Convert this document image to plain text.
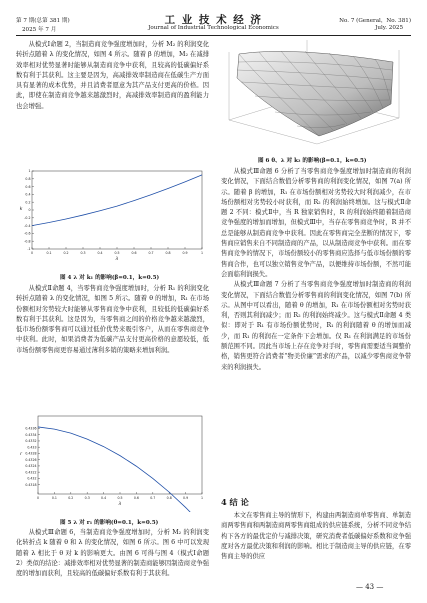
第 7 期(总第 381 期)
2025 年 7 月
工 业 技 术 经 济
Journal of Industrial Technological Economics
No. 7 (General，No. 381)
July. 2025

从模式Ⅰ命题 2，当制造商竞争强度增加时，分析 M₂ 的利润变化转折点随着 λ 的变化情况，如图 4 所示。随着 β 的增加，M₂ 在减排效率相对优势显著时能够从制造商竞争中获利，且较高的低碳偏好系数有利于其获利。这主要是因为，高减排效率制造商在低碳生产方面具有显著的成本优势，并且消费者愿意为其产品支付更高的价格。因此，即使在制造商竞争越来越激烈时，高减排效率制造商的盈利能力也会增强。

0	0.1	0.2	0.3	0.4	0.5	0.6	0.7	0.8	0.9	1
1
0.8
0.6
0.4
0.2
0
-0.2
-0.4
-0.6
-0.8
-1
λ
k
图 4 λ 对 k₁ 的影响(β=0.1，k=0.5)

从模式Ⅱ命题 4，当零售商竞争强度增加时，分析 R₁ 的利润变化转折点随着 λ 的变化情况，如图 5 所示。随着 θ 的增加，R₁ 在市场份额相对劣势较大时能够从零售商竞争中获利，且较低的低碳偏好系数有利于其获利。这是因为，当零售商之间的价格竞争越来越激烈，低市场份额零售商可以通过低价优势来吸引客户，从而在零售商竞争中获利。此时，如果消费者为低碳产品支付更高价格的意愿较低，低市场份额零售商更容易通过薄利多销的策略来增加利润。

0	0.1	0.2	0.3	0.4	0.5	0.6	0.7	0.8	0.9	1
0.4336
0.4334
0.4332
0.433
0.4328
0.4326
0.4324
0.4322
0.432
0.4318
λ
r
图 5 λ 对 r₁ 的影响(θ=0.1，k=0.5)

从模式Ⅲ命题 6，当制造商竞争强度增加时，分析 M₂ 的利润变化转折点 k 随着 θ 和 λ 的变化情况，如图 6 所示。图 6 中可以发现随着 λ 相比于 θ 对 k 的影响更大。由图 6 可得与图 4（模式Ⅰ命题 2）类似的结论：减排效率相对优势显著的制造商能够因制造商竞争强度的增加而获利，且较高的低碳偏好系数有利于其获利。

图 6 θ、λ 对 k₂ 的影响(β=0.1，k=0.5)

从模式Ⅲ命题 6 分析了当零售商竞争强度增加时制造商的利润变化情况，下面结合数值分析零售商的利润变化情况，如图 7(a) 所示。随着 β 的增加，R₁ 在市场份额相对劣势较大时利润减少，在市场份额相对劣势较小时获利，而 R₂ 的利润始终增加。这与模式Ⅱ命题 2 不同：模式Ⅱ中，当 R 独家销售时，R 的利润始终随着制造商竞争强度的增加而增加，但模式Ⅲ中，当存在零售商竞争时，R 并不总是能够从制造商竞争中获利。因此在零售商完全垄断的情况下，零售商应销售来自不同制造商的产品，以从制造商竞争中获利。而在零售商竞争的情况下，市场份额较小的零售商应选择与低市场份额的零售商合作，也可以独立销售竞争产品，以便维持市场份额，不然可能会面临利润损失。

从模式Ⅲ命题 7 分析了当零售商竞争强度增加时制造商的利润变化情况，下面结合数值分析零售商的利润变化情况，如图 7(b) 所示。从图中可以看出，随着 θ 的增加，R₁ 在市场份额相对劣势时获利，否则其利润减少；而 R₂ 的利润始终减少。这与模式Ⅱ命题 4 类似：即对于 R₁ 有市场份额优势时，R₁ 的利润随着 θ 的增加而减少，而 R₁ 的利润在一定条件下会增加。仅 R₁ 在利润满足的市场份额范围不同。因此当市场上存在竞争对手时，零售商需要适当调整价格，销售更符合消费者“物美价廉”需求的产品，以减少零售商竞争带来的利润损失。

4 结 论

本文在零售商主导的情形下，构建由两制造商单零售商、单制造商两零售商和两制造商两零售商组成的供应链系统，分析不同竞争结构下各方的最优定价与减排决策，研究消费者低碳偏好系数和竞争强度对各方最优决策和利润的影响。相比于制造商主导的供应链，在零售商主导的供应

— 43 —
